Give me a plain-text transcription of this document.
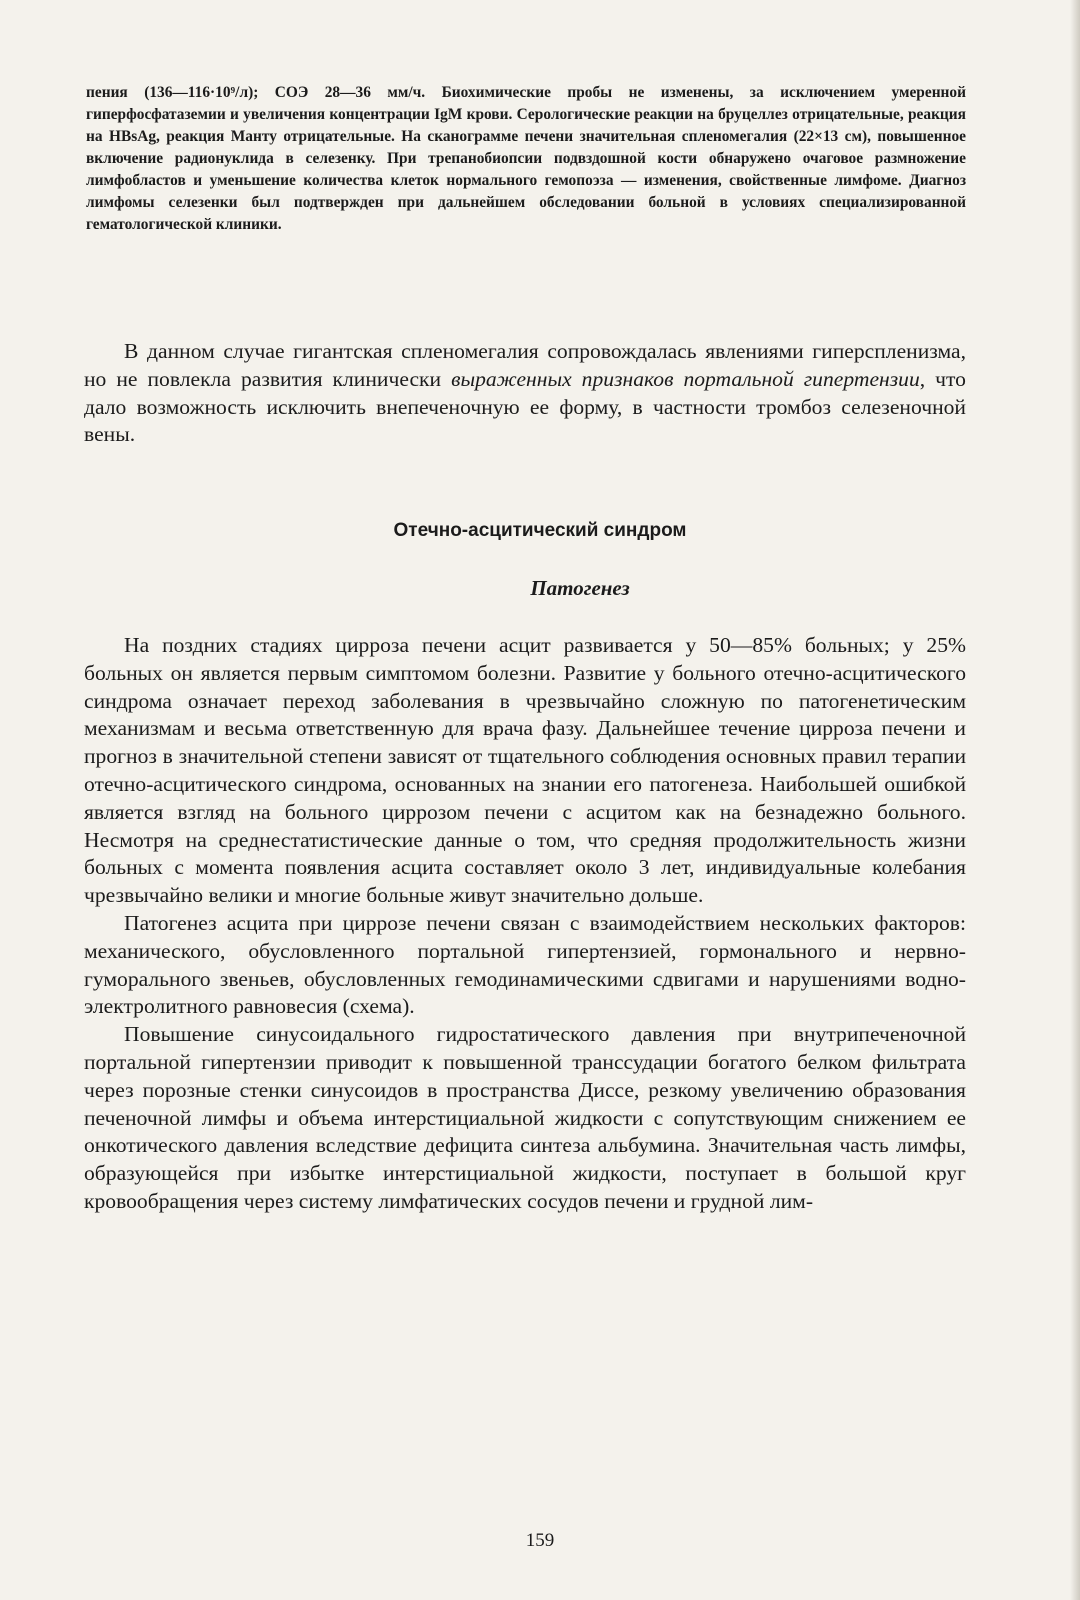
пения (136—116·10⁹/л); СОЭ 28—36 мм/ч. Биохимические пробы не изменены, за исключением умеренной гиперфосфатаземии и увеличения концентрации IgM крови. Серологические реакции на бруцеллез отрицательные, реакция на HBsAg, реакция Манту отрицательные. На сканограмме печени значительная спленомегалия (22×13 см), повышенное включение радионуклида в селезенку. При трепанобиопсии подвздошной кости обнаружено очаговое размножение лимфобластов и уменьшение количества клеток нормального гемопоэза — изменения, свойственные лимфоме. Диагноз лимфомы селезенки был подтвержден при дальнейшем обследовании больной в условиях специализированной гематологической клиники.

В данном случае гигантская спленомегалия сопровождалась явлениями гиперспленизма, но не повлекла развития клинически выраженных признаков портальной гипертензии, что дало возможность исключить внепеченочную ее форму, в частности тромбоз селезеночной вены.

Отечно-асцитический синдром
Патогенез

На поздних стадиях цирроза печени асцит развивается у 50—85% больных; у 25% больных он является первым симптомом болезни. Развитие у больного отечно-асцитического синдрома означает переход заболевания в чрезвычайно сложную по патогенетическим механизмам и весьма ответственную для врача фазу. Дальнейшее течение цирроза печени и прогноз в значительной степени зависят от тщательного соблюдения основных правил терапии отечно-асцитического синдрома, основанных на знании его патогенеза. Наибольшей ошибкой является взгляд на больного циррозом печени с асцитом как на безнадежно больного. Несмотря на среднестатистические данные о том, что средняя продолжительность жизни больных с момента появления асцита составляет около 3 лет, индивидуальные колебания чрезвычайно велики и многие больные живут значительно дольше.

Патогенез асцита при циррозе печени связан с взаимодействием нескольких факторов: механического, обусловленного портальной гипертензией, гормонального и нервно-гуморального звеньев, обусловленных гемодинамическими сдвигами и нарушениями водно-электролитного равновесия (схема).

Повышение синусоидального гидростатического давления при внутрипеченочной портальной гипертензии приводит к повышенной транссудации богатого белком фильтрата через порозные стенки синусоидов в пространства Диссе, резкому увеличению образования печеночной лимфы и объема интерстициальной жидкости с сопутствующим снижением ее онкотического давления вследствие дефицита синтеза альбумина. Значительная часть лимфы, образующейся при избытке интерстициальной жидкости, поступает в большой круг кровообращения через систему лимфатических сосудов печени и грудной лим-

159
